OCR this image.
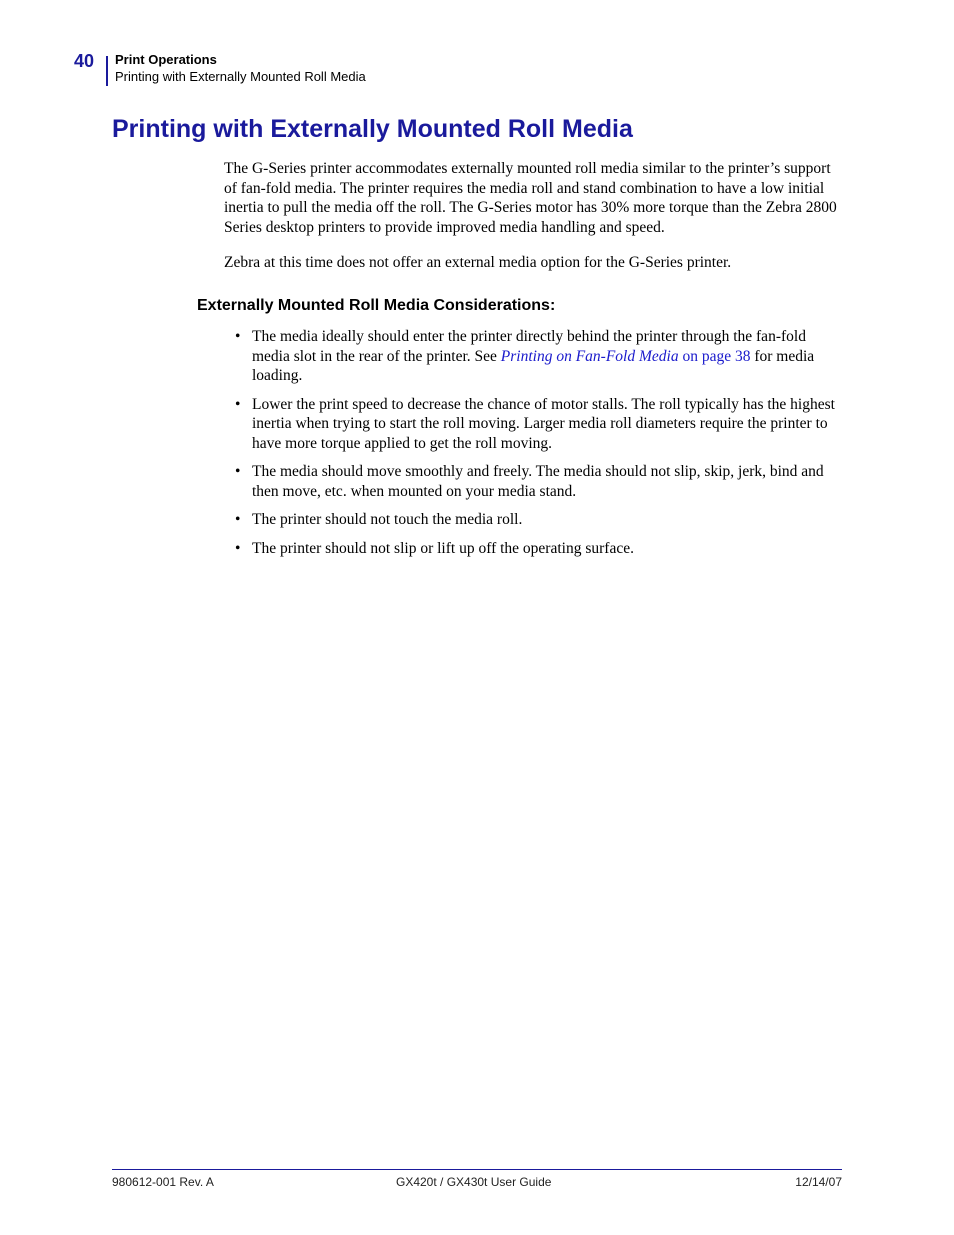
40 Print Operations
Printing with Externally Mounted Roll Media
Printing with Externally Mounted Roll Media

The G-Series printer accommodates externally mounted roll media similar to the printer’s support of fan-fold media. The printer requires the media roll and stand combination to have a low initial inertia to pull the media off the roll. The G-Series motor has 30% more torque than the Zebra 2800 Series desktop printers to provide improved media handling and speed.

Zebra at this time does not offer an external media option for the G-Series printer.

Externally Mounted Roll Media Considerations:
• The media ideally should enter the printer directly behind the printer through the fan-fold media slot in the rear of the printer. See Printing on Fan-Fold Media on page 38 for media loading.
• Lower the print speed to decrease the chance of motor stalls. The roll typically has the highest inertia when trying to start the roll moving. Larger media roll diameters require the printer to have more torque applied to get the roll moving.
• The media should move smoothly and freely. The media should not slip, skip, jerk, bind and then move, etc. when mounted on your media stand.
• The printer should not touch the media roll.
• The printer should not slip or lift up off the operating surface.
980612-001 Rev. A	GX420t / GX430t User Guide	12/14/07
